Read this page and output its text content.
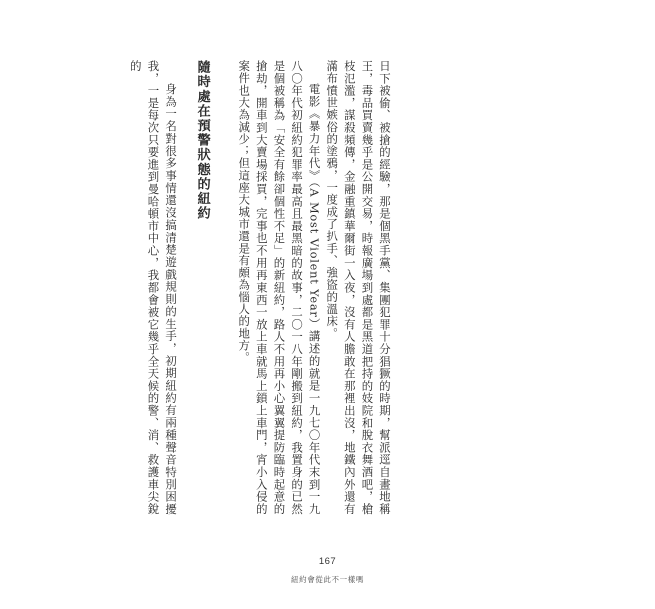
日下被偷、被搶的經驗，那是個黑手黨、集團犯罪十分猖獗的時期，幫派逕自畫地稱王，毒品買賣幾乎是公開交易，時報廣場到處都是黑道把持的妓院和脫衣舞酒吧，槍枝氾濫，謀殺頻傳，金融重鎮華爾街一入夜，沒有人膽敢在那裡出沒，地鐵內外還有滿布憤世嫉俗的塗鴉，一度成了扒手、強盜的溫床。

電影《暴力年代》（A Most Violent Year）講述的就是一九七〇年代末到一九八〇年代初紐約犯罪率最高且最黑暗的故事，二〇一八年剛搬到紐約，我置身的已然是個被稱為「安全有餘卻個性不足」的新紐約，路人不用再小心翼翼提防臨時起意的搶劫，開車到大賣場採買，完事也不用再東西一放上車就馬上鎖上車門，宵小入侵的案件也大為減少；但這座大城市還是有頗為惱人的地方。

隨時處在預警狀態的紐約

身為一名對很多事情還沒搞清楚遊戲規則的生手，初期紐約有兩種聲音特別困擾我，一是每次只要進到曼哈頓市中心，我都會被它幾乎全天候的警、消、救護車尖銳的

167
紐約會從此不一樣嗎
